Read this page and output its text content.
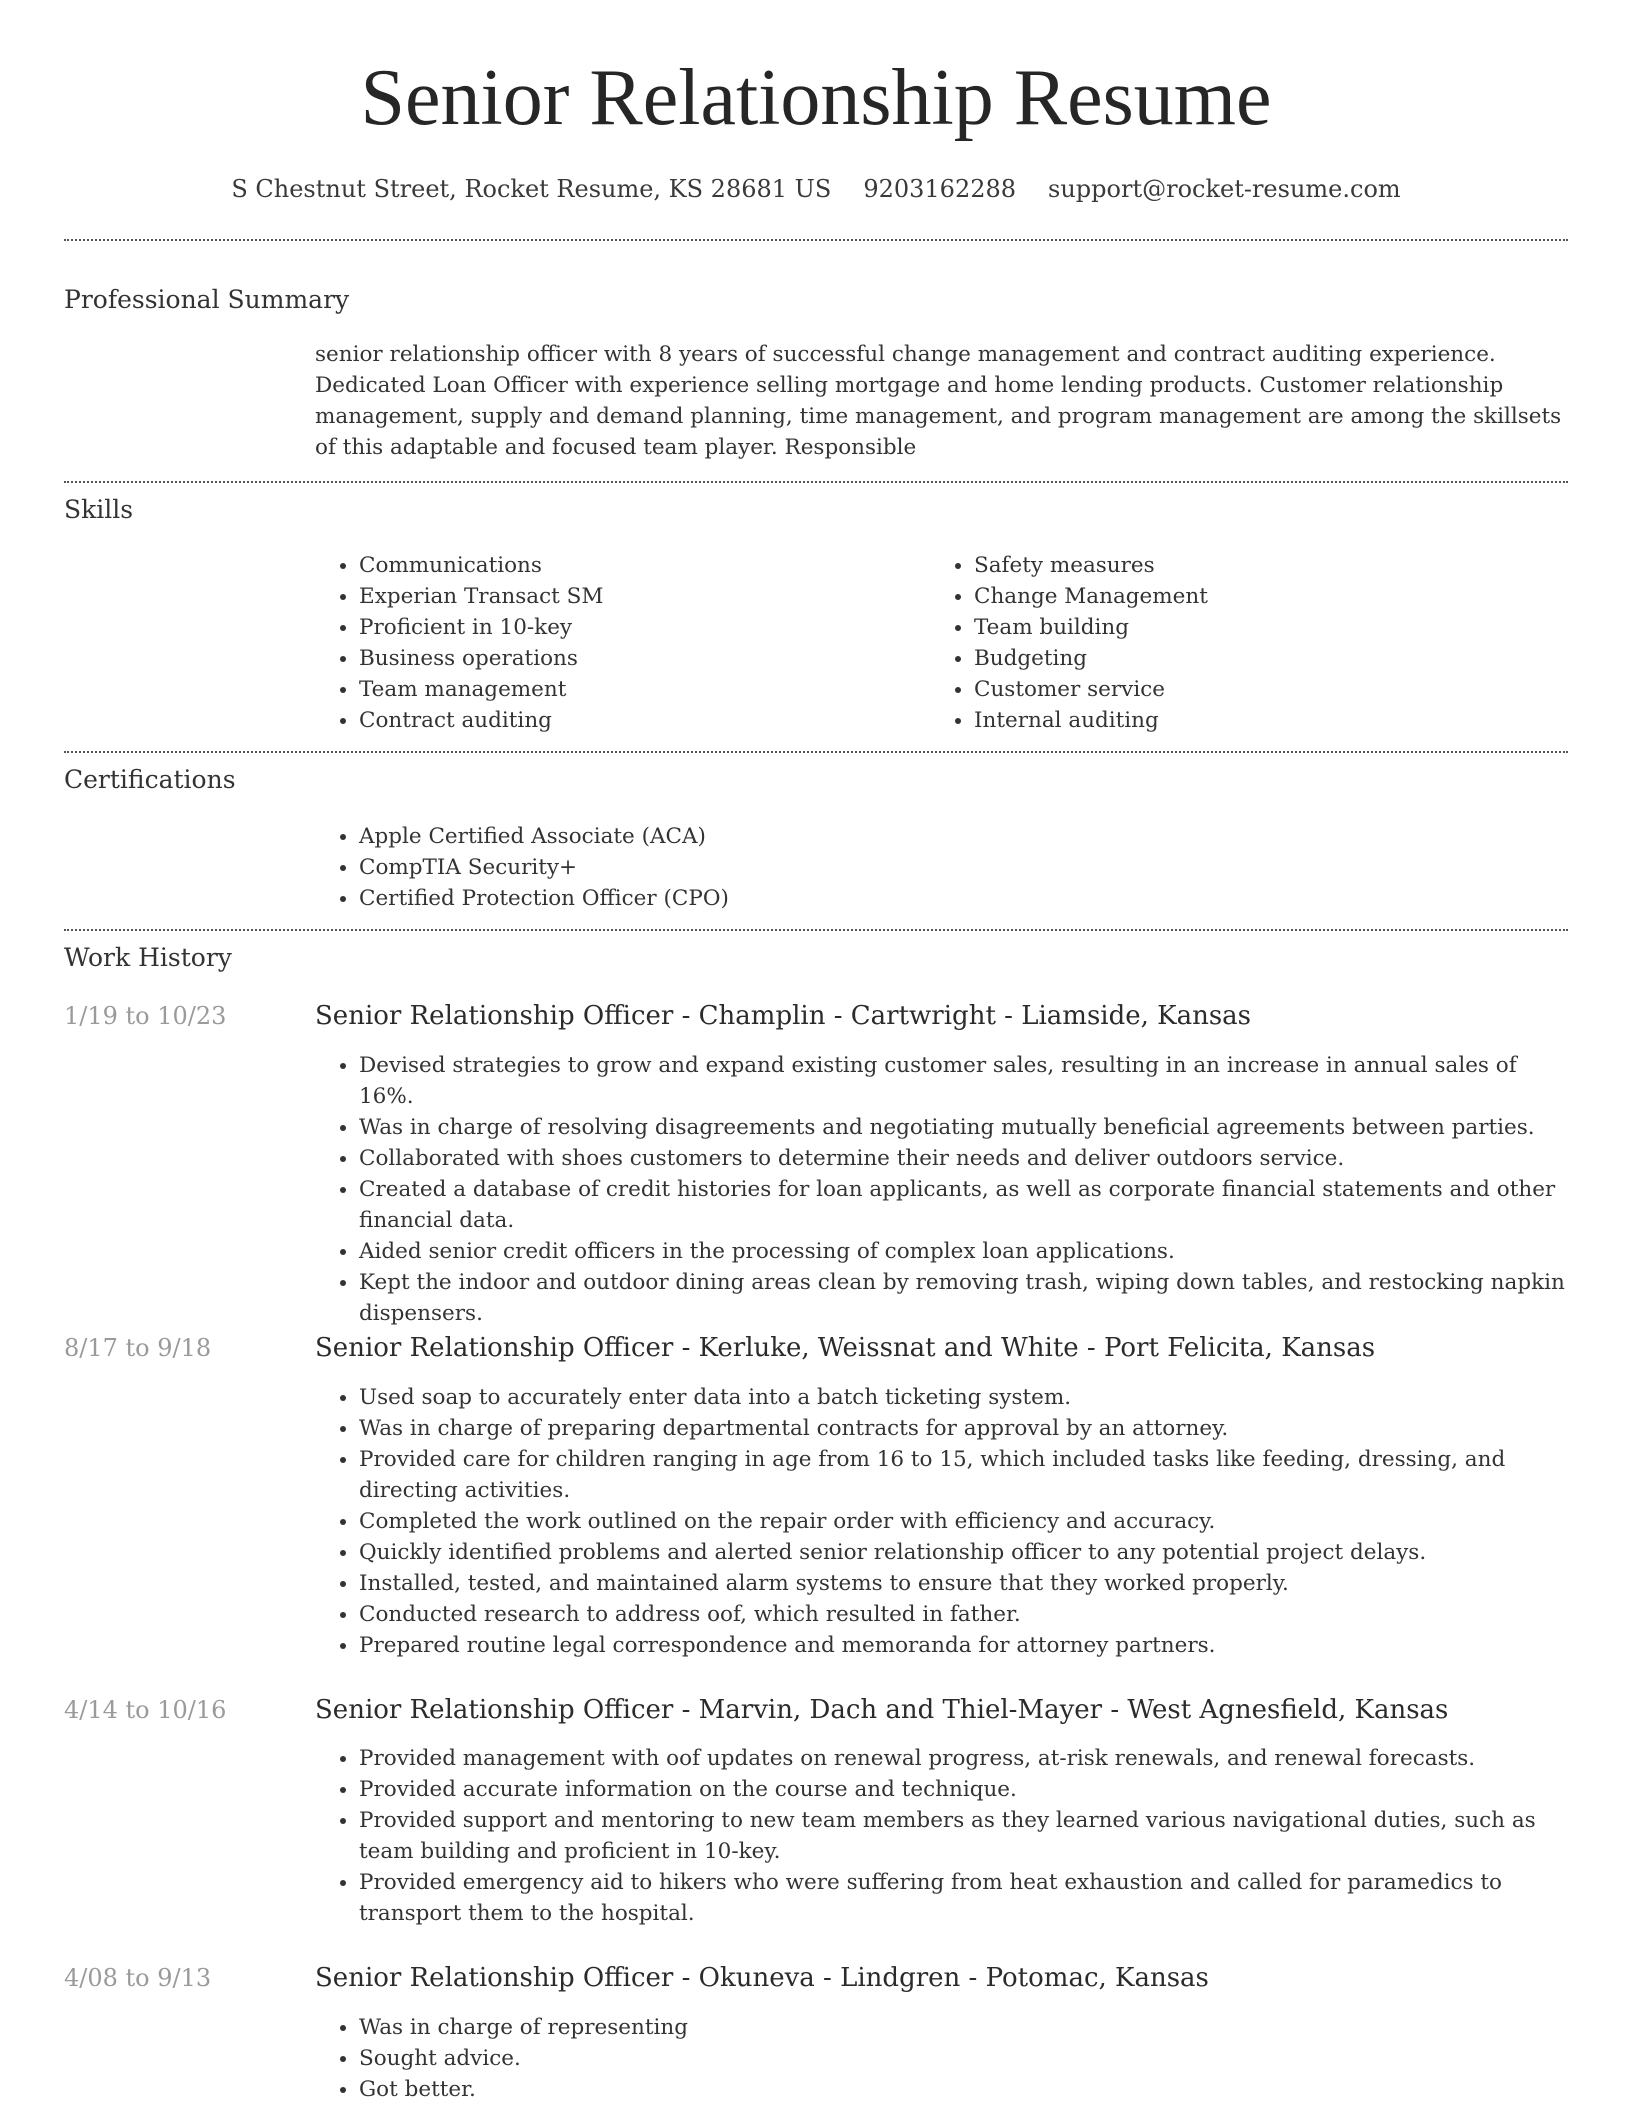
Senior Relationship Resume
S Chestnut Street, Rocket Resume, KS 28681 US 9203162288 support@rocket-resume.com
Professional Summary

senior relationship officer with 8 years of successful change management and contract auditing experience. Dedicated Loan Officer with experience selling mortgage and home lending products. Customer relationship management, supply and demand planning, time management, and program management are among the skillsets of this adaptable and focused team player. Responsible

Skills
• Communications
• Experian Transact SM
• Proficient in 10-key
• Business operations
• Team management
• Contract auditing
• Safety measures
• Change Management
• Team building
• Budgeting
• Customer service
• Internal auditing
Certifications
• Apple Certified Associate (ACA)
• CompTIA Security+
• Certified Protection Officer (CPO)
Work History
1/19 to 10/23	Senior Relationship Officer - Champlin - Cartwright - Liamside, Kansas
• Devised strategies to grow and expand existing customer sales, resulting in an increase in annual sales of 16%.
• Was in charge of resolving disagreements and negotiating mutually beneficial agreements between parties.
• Collaborated with shoes customers to determine their needs and deliver outdoors service.
• Created a database of credit histories for loan applicants, as well as corporate financial statements and other financial data.
• Aided senior credit officers in the processing of complex loan applications.
• Kept the indoor and outdoor dining areas clean by removing trash, wiping down tables, and restocking napkin dispensers.
8/17 to 9/18	Senior Relationship Officer - Kerluke, Weissnat and White - Port Felicita, Kansas
• Used soap to accurately enter data into a batch ticketing system.
• Was in charge of preparing departmental contracts for approval by an attorney.
• Provided care for children ranging in age from 16 to 15, which included tasks like feeding, dressing, and directing activities.
• Completed the work outlined on the repair order with efficiency and accuracy.
• Quickly identified problems and alerted senior relationship officer to any potential project delays.
• Installed, tested, and maintained alarm systems to ensure that they worked properly.
• Conducted research to address oof, which resulted in father.
• Prepared routine legal correspondence and memoranda for attorney partners.
4/14 to 10/16	Senior Relationship Officer - Marvin, Dach and Thiel-Mayer - West Agnesfield, Kansas
• Provided management with oof updates on renewal progress, at-risk renewals, and renewal forecasts.
• Provided accurate information on the course and technique.
• Provided support and mentoring to new team members as they learned various navigational duties, such as team building and proficient in 10-key.
• Provided emergency aid to hikers who were suffering from heat exhaustion and called for paramedics to transport them to the hospital.
4/08 to 9/13	Senior Relationship Officer - Okuneva - Lindgren - Potomac, Kansas
• Was in charge of representing
• Sought advice.
• Got better.
